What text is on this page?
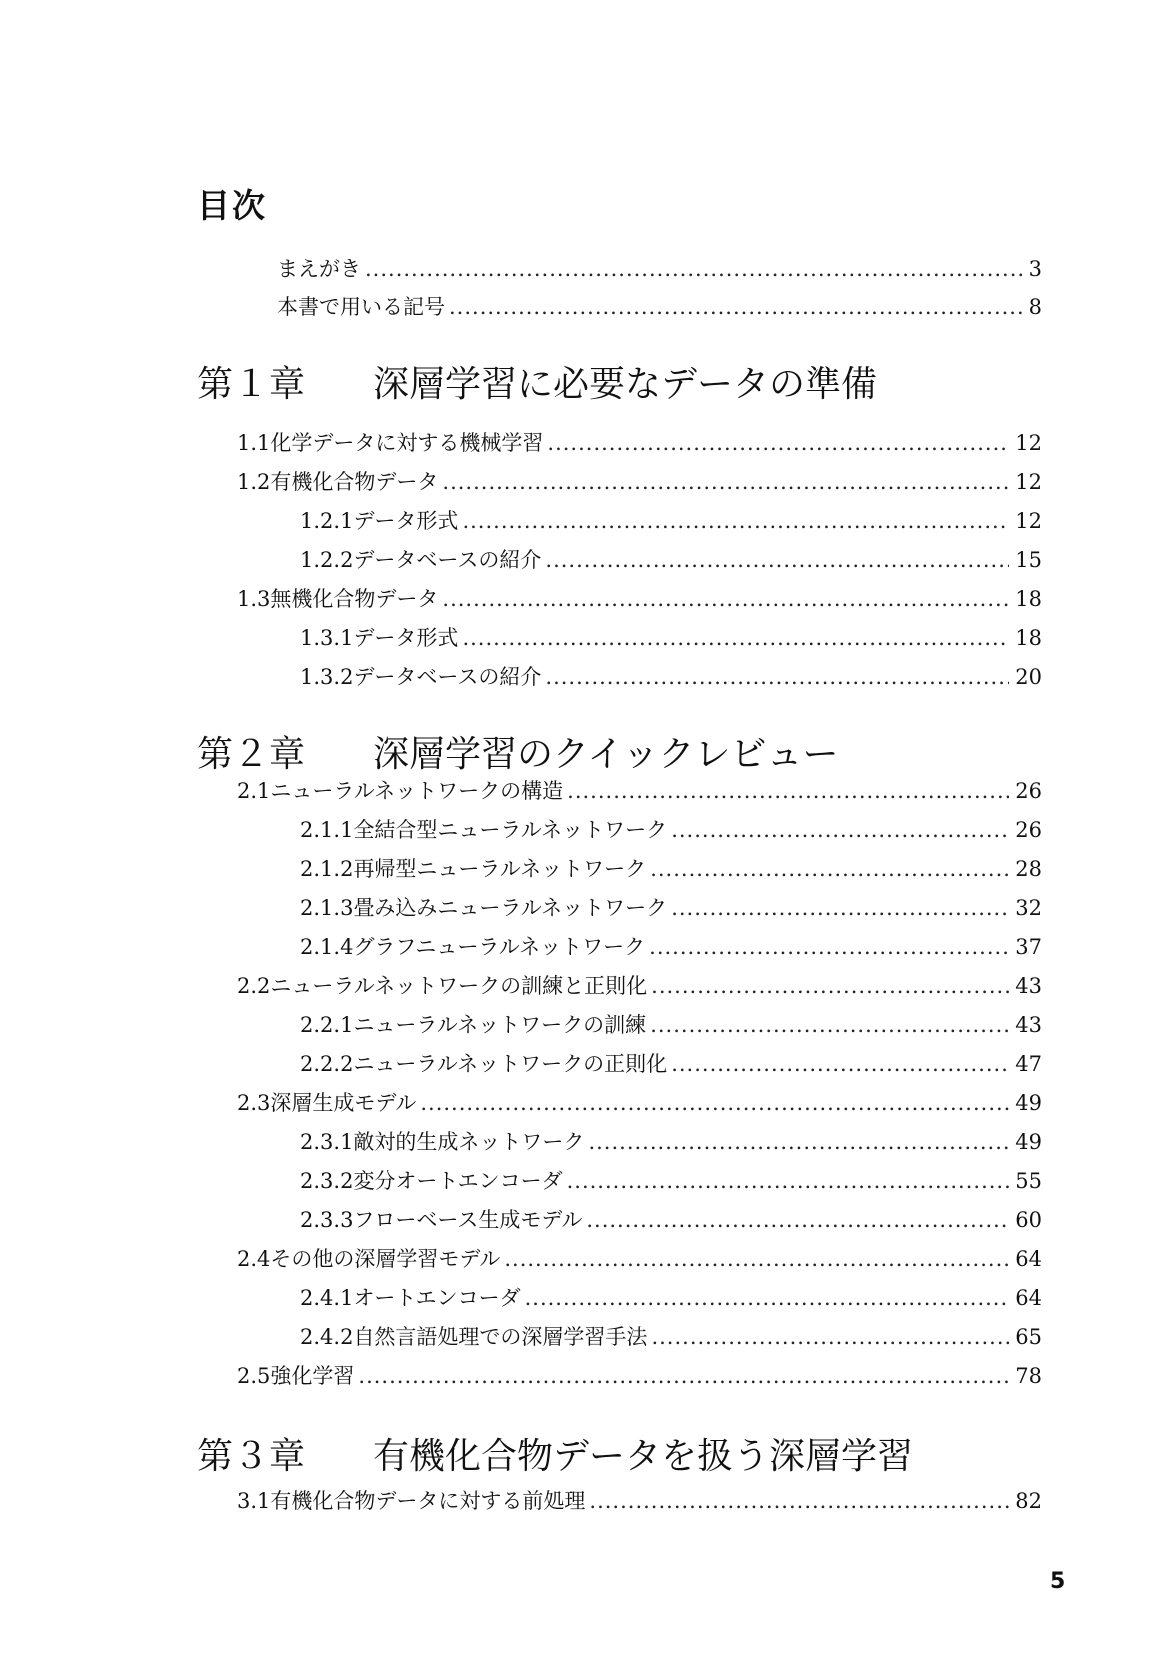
目次
まえがき .....	3
本書で用いる記号 .....	8
第１章 深層学習に必要なデータの準備
1.1 化学データに対する機械学習 .....	12
1.2 有機化合物データ .....	12
1.2.1 データ形式 .....	12
1.2.2 データベースの紹介 .....	15
1.3 無機化合物データ .....	18
1.3.1 データ形式 .....	18
1.3.2 データベースの紹介 .....	20
第２章 深層学習のクイックレビュー
2.1 ニューラルネットワークの構造 .....	26
2.1.1 全結合型ニューラルネットワーク .....	26
2.1.2 再帰型ニューラルネットワーク .....	28
2.1.3 畳み込みニューラルネットワーク .....	32
2.1.4 グラフニューラルネットワーク .....	37
2.2 ニューラルネットワークの訓練と正則化 .....	43
2.2.1 ニューラルネットワークの訓練 .....	43
2.2.2 ニューラルネットワークの正則化 .....	47
2.3 深層生成モデル .....	49
2.3.1 敵対的生成ネットワーク .....	49
2.3.2 変分オートエンコーダ .....	55
2.3.3 フローベース生成モデル .....	60
2.4 その他の深層学習モデル .....	64
2.4.1 オートエンコーダ .....	64
2.4.2 自然言語処理での深層学習手法 .....	65
2.5 強化学習 .....	78
第３章 有機化合物データを扱う深層学習
3.1 有機化合物データに対する前処理 .....	82
5
